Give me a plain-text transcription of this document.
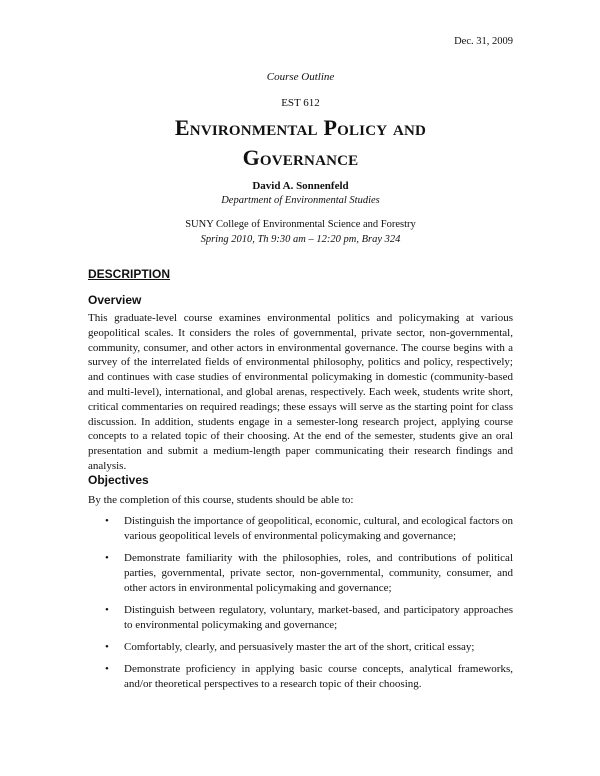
Dec. 31, 2009
Course Outline
EST 612
Environmental Policy and
Governance
David A. Sonnenfeld
Department of Environmental Studies
SUNY College of Environmental Science and Forestry
Spring 2010, Th 9:30 am – 12:20 pm, Bray 324
DESCRIPTION
Overview

This graduate-level course examines environmental politics and policymaking at various geopolitical scales. It considers the roles of governmental, private sector, non-governmental, community, consumer, and other actors in environmental governance. The course begins with a survey of the interrelated fields of environmental philosophy, politics and policy, respectively; and continues with case studies of environmental policymaking in domestic (community-based and multi-level), international, and global arenas, respectively. Each week, students write short, critical commentaries on required readings; these essays will serve as the starting point for class discussion. In addition, students engage in a semester-long research project, applying course concepts to a related topic of their choosing. At the end of the semester, students give an oral presentation and submit a medium-length paper communicating their research findings and analysis.

Objectives

By the completion of this course, students should be able to:

• Distinguish the importance of geopolitical, economic, cultural, and ecological factors on various geopolitical levels of environmental policymaking and governance;
• Demonstrate familiarity with the philosophies, roles, and contributions of political parties, governmental, private sector, non-governmental, community, consumer, and other actors in environmental policymaking and governance;
• Distinguish between regulatory, voluntary, market-based, and participatory approaches to environmental policymaking and governance;
• Comfortably, clearly, and persuasively master the art of the short, critical essay;
• Demonstrate proficiency in applying basic course concepts, analytical frameworks, and/or theoretical perspectives to a research topic of their choosing.
